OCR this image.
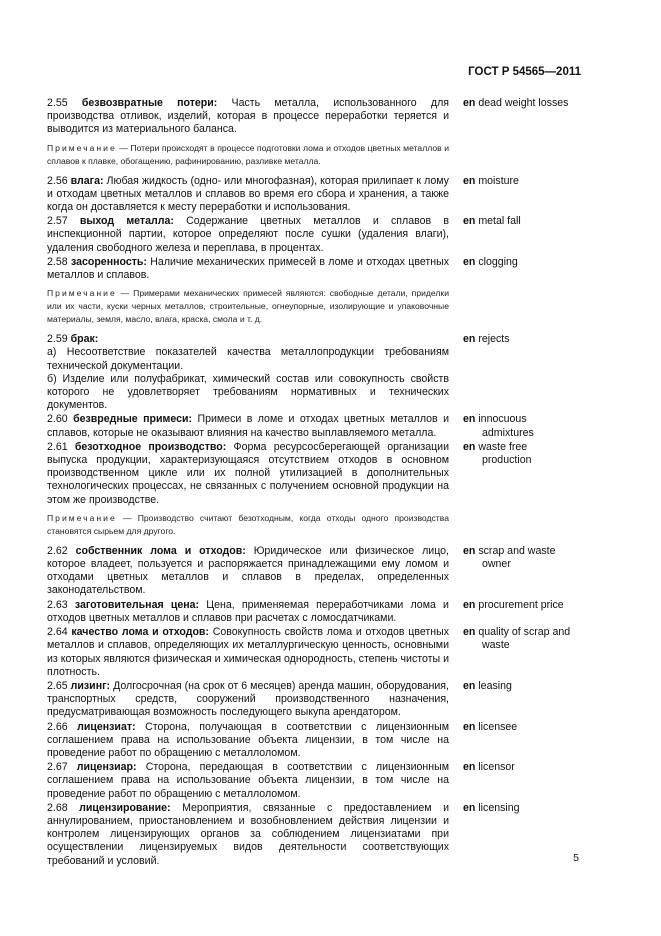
ГОСТ Р 54565—2011
2.55 безвозвратные потери: Часть металла, использованного для производства отливок, изделий, которая в процессе переработки теряется и выводится из материального баланса.
en dead weight losses
Примечание — Потери происходят в процессе подготовки лома и отходов цветных металлов и сплавов к плавке, обогащению, рафинированию, разливке металла.
2.56 влага: Любая жидкость (одно- или многофазная), которая прилипает к лому и отходам цветных металлов и сплавов во время его сбора и хранения, а также когда он доставляется к месту переработки и использования.
en moisture
2.57 выход металла: Содержание цветных металлов и сплавов в инспекционной партии, которое определяют после сушки (удаления влаги), удаления свободного железа и переплава, в процентах.
en metal fall
2.58 засоренность: Наличие механических примесей в ломе и отходах цветных металлов и сплавов.
en clogging
Примечание — Примерами механических примесей являются: свободные детали, приделки или их части, куски черных металлов, строительные, огнеупорные, изолирующие и упаковочные материалы, земля, масло, влага, краска, смола и т. д.
2.59 брак:
а) Несоответствие показателей качества металлопродукции требованиям технической документации.
б) Изделие или полуфабрикат, химический состав или совокупность свойств которого не удовлетворяет требованиям нормативных и технических документов.
en rejects
2.60 безвредные примеси: Примеси в ломе и отходах цветных металлов и сплавов, которые не оказывают влияния на качество выплавляемого металла.
en innocuous
admixtures
2.61 безотходное производство: Форма ресурсосберегающей организации выпуска продукции, характеризующаяся отсутствием отходов в основном производственном цикле или их полной утилизацией в дополнительных технологических процессах, не связанных с получением основной продукции на этом же производстве.
en waste free
production
Примечание — Производство считают безотходным, когда отходы одного производства становятся сырьем для другого.
2.62 собственник лома и отходов: Юридическое или физическое лицо, которое владеет, пользуется и распоряжается принадлежащими ему ломом и отходами цветных металлов и сплавов в пределах, определенных законодательством.
en scrap and waste
owner
2.63 заготовительная цена: Цена, применяемая переработчиками лома и отходов цветных металлов и сплавов при расчетах с ломосдатчиками.
en procurement price
2.64 качество лома и отходов: Совокупность свойств лома и отходов цветных металлов и сплавов, определяющих их металлургическую ценность, основными из которых являются физическая и химическая однородность, степень чистоты и плотность.
en quality of scrap and
waste
2.65 лизинг: Долгосрочная (на срок от 6 месяцев) аренда машин, оборудования, транспортных средств, сооружений производственного назначения, предусматривающая возможность последующего выкупа арендатором.
en leasing
2.66 лицензиат: Сторона, получающая в соответствии с лицензионным соглашением права на использование объекта лицензии, в том числе на проведение работ по обращению с металлоломом.
en licensee
2.67 лицензиар: Сторона, передающая в соответствии с лицензионным соглашением права на использование объекта лицензии, в том числе на проведение работ по обращению с металлоломом.
en licensor
2.68 лицензирование: Мероприятия, связанные с предоставлением и аннулированием, приостановлением и возобновлением действия лицензии и контролем лицензирующих органов за соблюдением лицензиатами при осуществлении лицензируемых видов деятельности соответствующих требований и условий.
en licensing
5
